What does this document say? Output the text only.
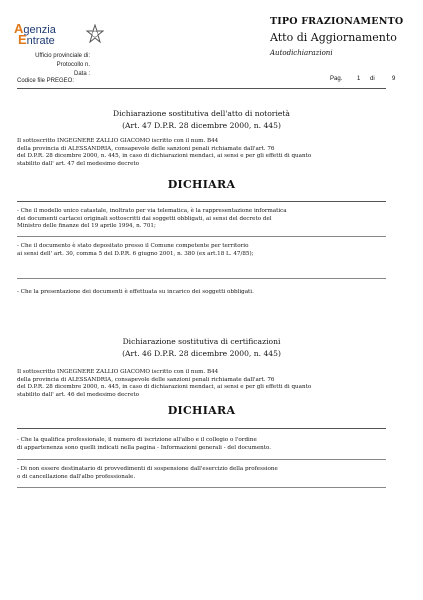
Agenzia
Entrate
Ufficio provinciale di:
Protocollo n.
Data :
Codice file PREGEO:
TIPO FRAZIONAMENTO
Atto di Aggiornamento
Autodichiarazioni
Pag. 1 di	9
Dichiarazione sostitutiva dell'atto di notorietà
(Art. 47 D.P.R. 28 dicembre 2000, n. 445)
Il sottoscritto INGEGNERE ZALLIO GIACOMO iscritto con il num. B44
della provincia di ALESSANDRIA, consapevole delle sanzioni penali richiamate dall'art. 76
del D.P.R. 28 dicembre 2000, n. 445, in caso di dichiarazioni mendaci, ai sensi e per gli effetti di quanto
stabilito dall' art. 47 del medesimo decreto
DICHIARA
- Che il modello unico catastale, inoltrato per via telematica, è la rappresentazione informatica
dei documenti cartacei originali sottoscritti dai soggetti obbligati, ai sensi del decreto del
Ministro delle finanze del 19 aprile 1994, n. 701;
- Che il documento è stato depositato presso il Comune competente per territorio
ai sensi dell' art. 30, comma 5 del D.P.R. 6 giugno 2001, n. 380 (ex art.18 L. 47/85);
- Che la presentazione dei documenti è effettuata su incarico dei soggetti obbligati.
Dichiarazione sostitutiva di certificazioni
(Art. 46 D.P.R. 28 dicembre 2000, n. 445)
Il sottoscritto INGEGNERE ZALLIO GIACOMO iscritto con il num. B44
della provincia di ALESSANDRIA, consapevole delle sanzioni penali richiamate dall'art. 76
del D.P.R. 28 dicembre 2000, n. 445, in caso di dichiarazioni mendaci, ai sensi e per gli effetti di quanto
stabilito dall' art. 46 del medesimo decreto
DICHIARA
- Che la qualifica professionale, il numero di iscrizione all'albo e il collegio o l'ordine
di appartenenza sono quelli indicati nella pagina - Informazioni generali - del documento.
- Di non essere destinatario di provvedimenti di sospensione dall'esercizio della professione
o di cancellazione dall'albo professionale.
